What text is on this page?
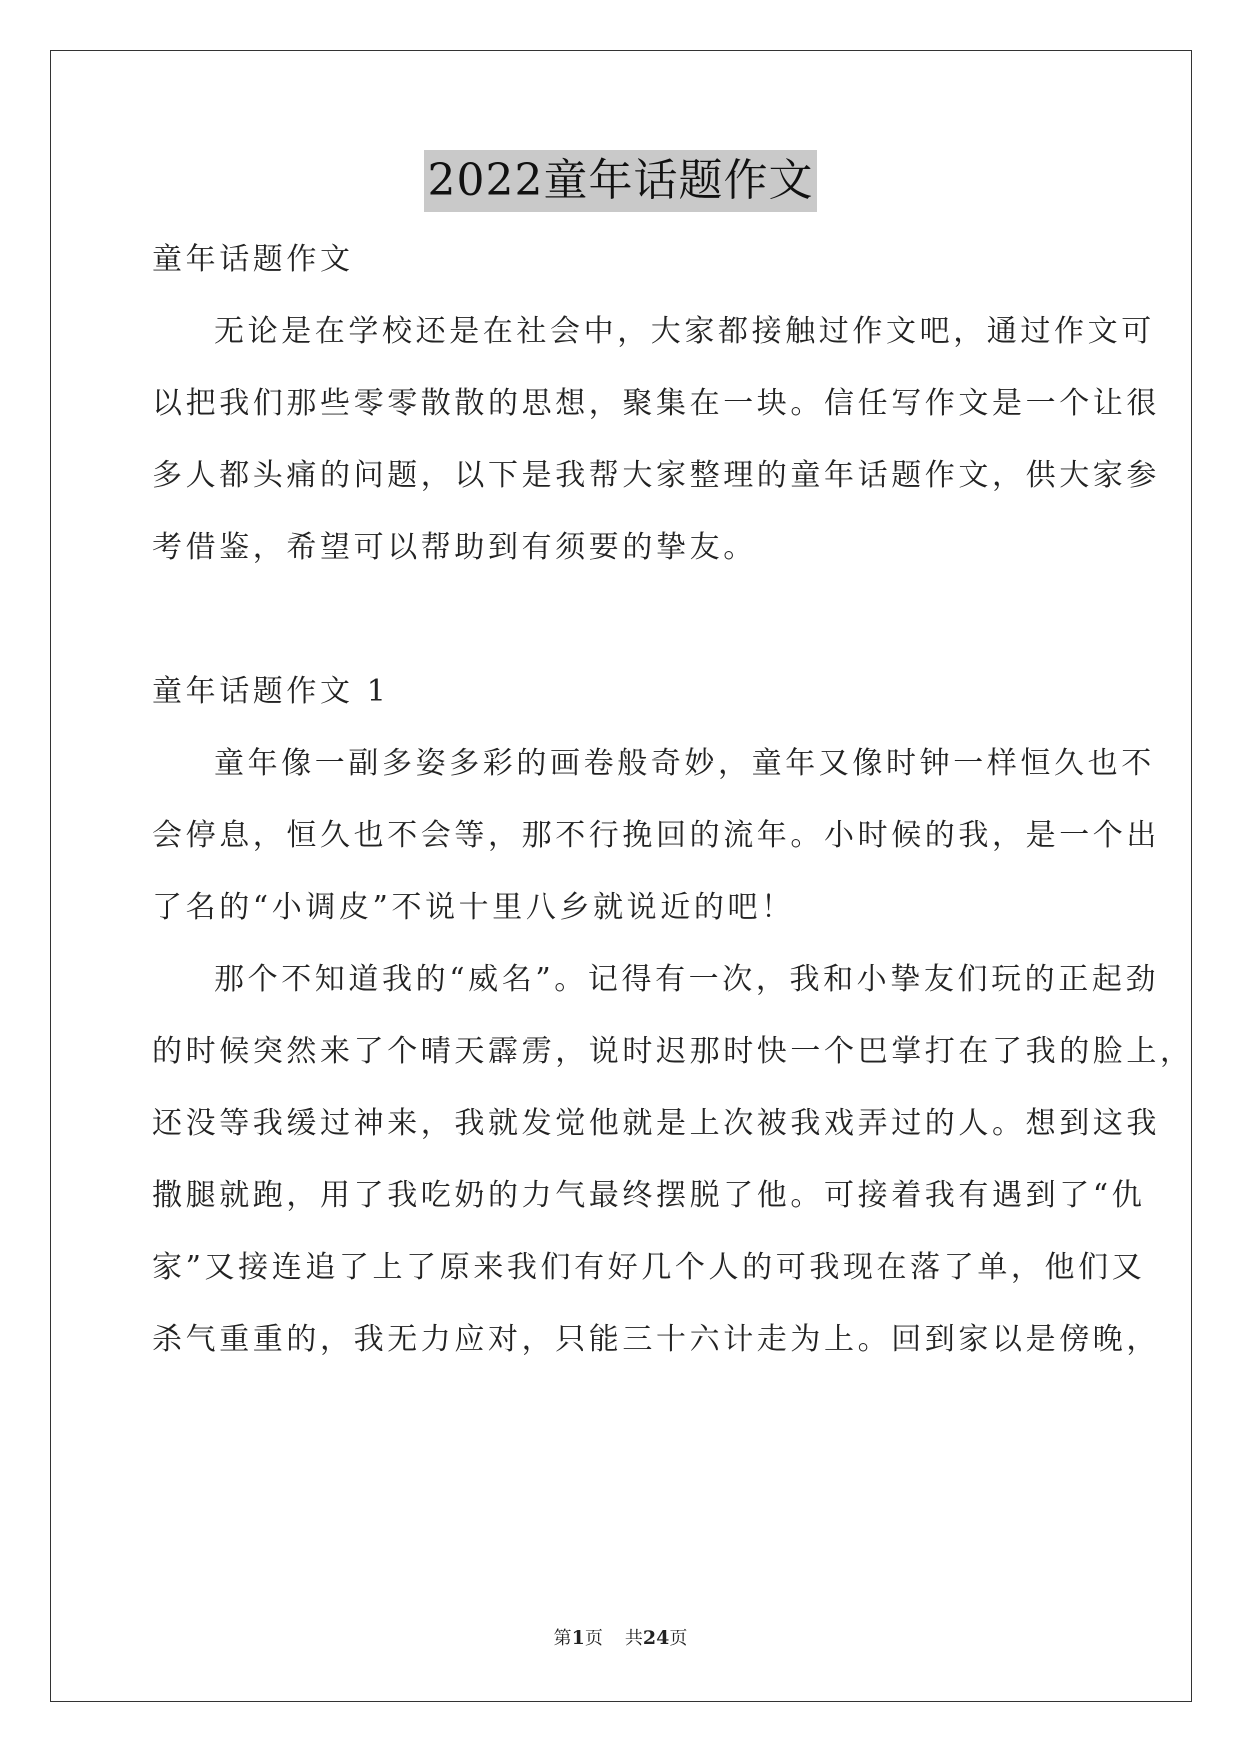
2022童年话题作文
童年话题作文
无论是在学校还是在社会中，大家都接触过作文吧，通过作文可
以把我们那些零零散散的思想，聚集在一块。信任写作文是一个让很
多人都头痛的问题，以下是我帮大家整理的童年话题作文，供大家参
考借鉴，希望可以帮助到有须要的挚友。
童年话题作文 1
童年像一副多姿多彩的画卷般奇妙，童年又像时钟一样恒久也不
会停息，恒久也不会等，那不行挽回的流年。小时候的我，是一个出
了名的“小调皮”不说十里八乡就说近的吧！
那个不知道我的“威名”。记得有一次，我和小挚友们玩的正起劲
的时候突然来了个晴天霹雳，说时迟那时快一个巴掌打在了我的脸上，
还没等我缓过神来，我就发觉他就是上次被我戏弄过的人。想到这我
撒腿就跑，用了我吃奶的力气最终摆脱了他。可接着我有遇到了“仇
家”又接连追了上了原来我们有好几个人的可我现在落了单，他们又
杀气重重的，我无力应对，只能三十六计走为上。回到家以是傍晚，
第1页 共24页
